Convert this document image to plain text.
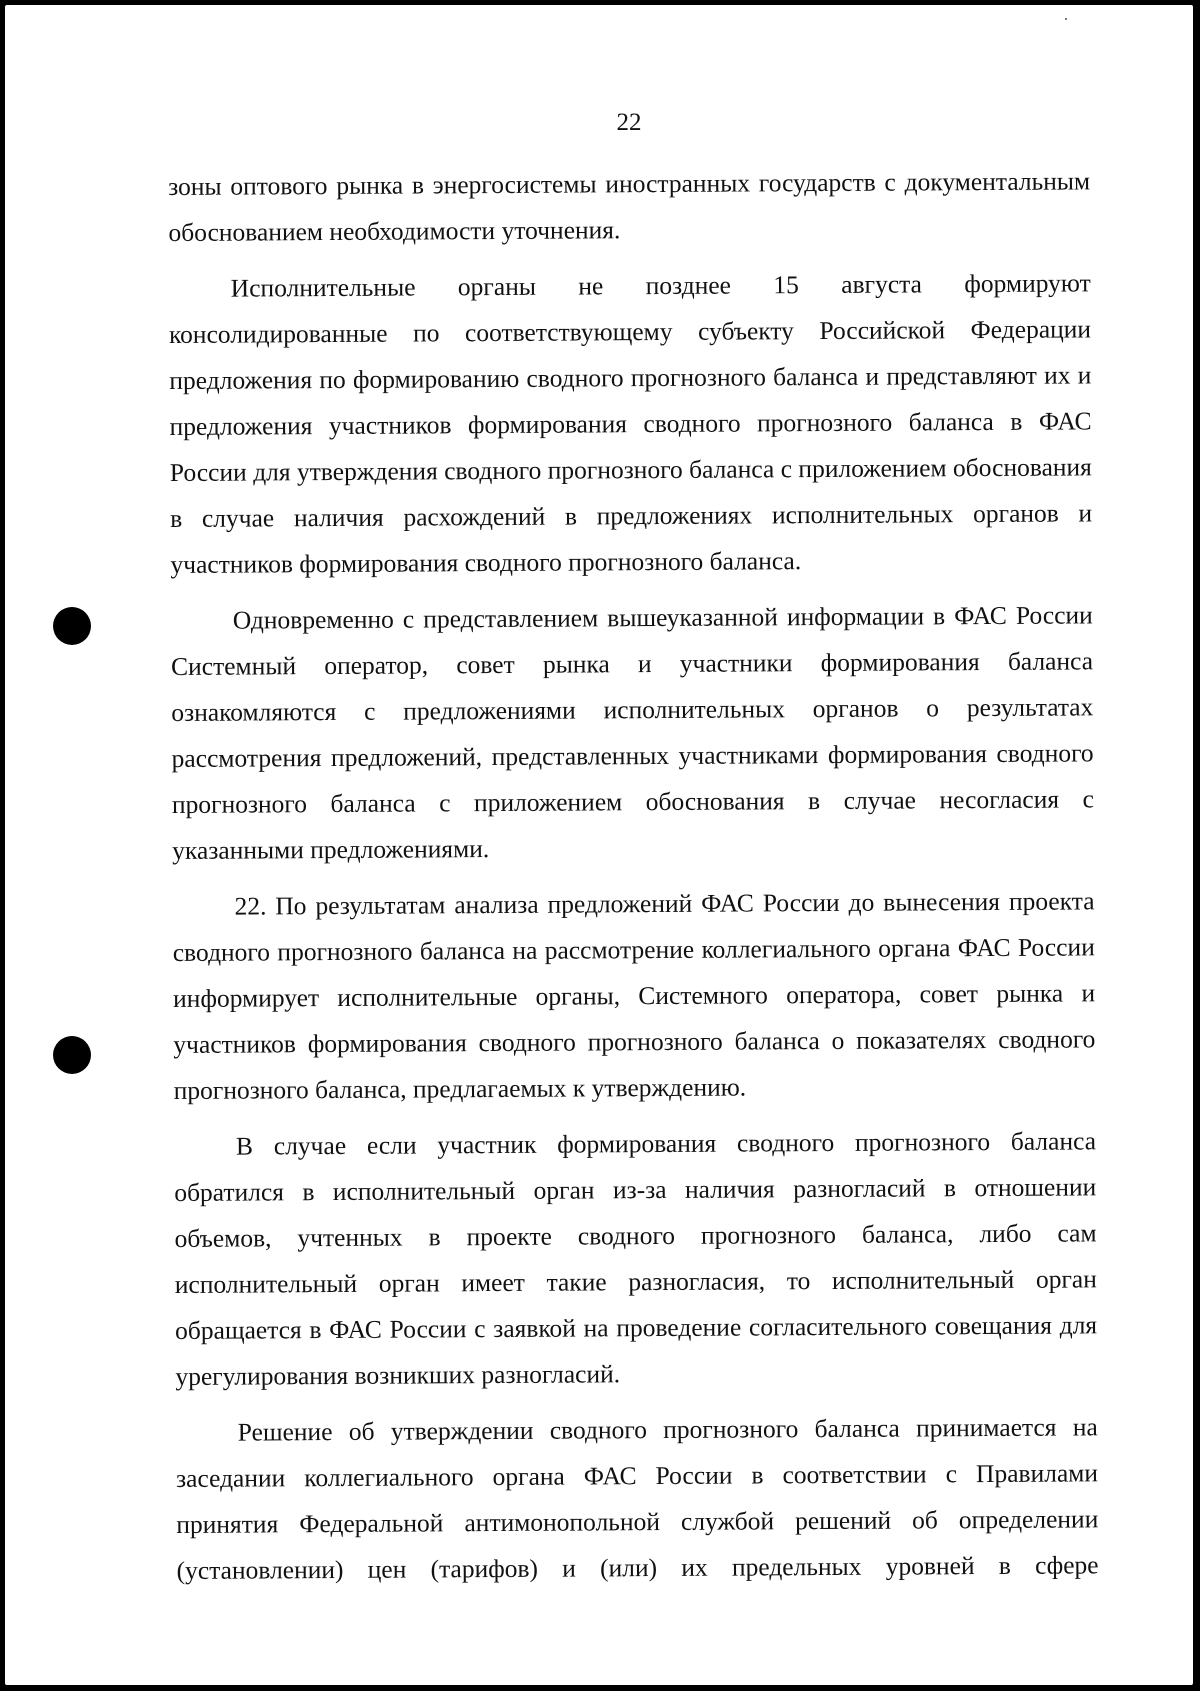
22

зоны оптового рынка в энергосистемы иностранных государств с документальным обоснованием необходимости уточнения.

Исполнительные органы не позднее 15 августа формируют консолидированные по соответствующему субъекту Российской Федерации предложения по формированию сводного прогнозного баланса и представляют их и предложения участников формирования сводного прогнозного баланса в ФАС России для утверждения сводного прогнозного баланса с приложением обоснования в случае наличия расхождений в предложениях исполнительных органов и участников формирования сводного прогнозного баланса.

Одновременно с представлением вышеуказанной информации в ФАС России Системный оператор, совет рынка и участники формирования баланса ознакомляются с предложениями исполнительных органов о результатах рассмотрения предложений, представленных участниками формирования сводного прогнозного баланса с приложением обоснования в случае несогласия с указанными предложениями.

22. По результатам анализа предложений ФАС России до вынесения проекта сводного прогнозного баланса на рассмотрение коллегиального органа ФАС России информирует исполнительные органы, Системного оператора, совет рынка и участников формирования сводного прогнозного баланса о показателях сводного прогнозного баланса, предлагаемых к утверждению.

В случае если участник формирования сводного прогнозного баланса обратился в исполнительный орган из-за наличия разногласий в отношении объемов, учтенных в проекте сводного прогнозного баланса, либо сам исполнительный орган имеет такие разногласия, то исполнительный орган обращается в ФАС России с заявкой на проведение согласительного совещания для урегулирования возникших разногласий.

Решение об утверждении сводного прогнозного баланса принимается на заседании коллегиального органа ФАС России в соответствии с Правилами принятия Федеральной антимонопольной службой решений об определении (установлении) цен (тарифов) и (или) их предельных уровней в сфере
